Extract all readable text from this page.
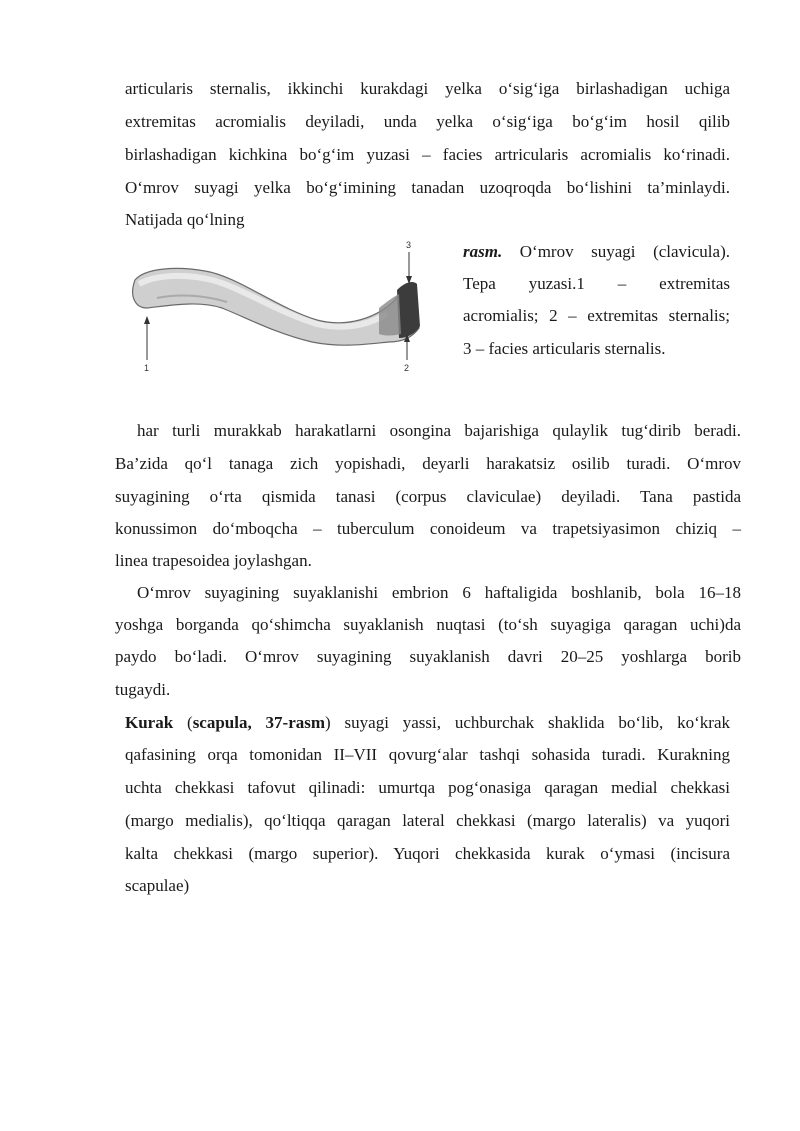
articularis sternalis, ikkinchi kurakdagi yelka o‘sig‘iga birlashadigan uchiga
extremitas acromialis deyiladi, unda yelka o‘sig‘iga bo‘g‘im hosil qilib
birlashadigan kichkina bo‘g‘im yuzasi – facies artricularis acromialis ko‘rinadi.
O‘mrov suyagi yelka bo‘g‘imining tanadan uzoqroqda bo‘lishini ta’minlaydi.
Natijada qo‘lning
1	2
3	rasm. O‘mrov suyagi (clavicula).
Tepa yuzasi.1 – extremitas
acromialis; 2 – extremitas sternalis;
3 – facies articularis sternalis.
har turli murakkab harakatlarni osongina bajarishiga qulaylik tug‘dirib beradi.
Ba’zida qo‘l tanaga zich yopishadi, deyarli harakatsiz osilib turadi. O‘mrov
suyagining o‘rta qismida tanasi (corpus claviculae) deyiladi. Tana pastida
konussimon do‘mboqcha – tuberculum conoideum va trapetsiyasimon chiziq –
linea trapesoidea joylashgan.
O‘mrov suyagining suyaklanishi embrion 6 haftaligida boshlanib, bola 16–18
yoshga borganda qo‘shimcha suyaklanish nuqtasi (to‘sh suyagiga qaragan uchi)da
paydo bo‘ladi. O‘mrov suyagining suyaklanish davri 20–25 yoshlarga borib
tugaydi.
Kurak (scapula, 37-rasm) suyagi yassi, uchburchak shaklida bo‘lib, ko‘krak
qafasining orqa tomonidan II–VII qovurg‘alar tashqi sohasida turadi. Kurakning
uchta chekkasi tafovut qilinadi: umurtqa pog‘onasiga qaragan medial chekkasi
(margo medialis), qo‘ltiqqa qaragan lateral chekkasi (margo lateralis) va yuqori
kalta chekkasi (margo superior). Yuqori chekkasida kurak o‘ymasi (incisura
scapulae)
